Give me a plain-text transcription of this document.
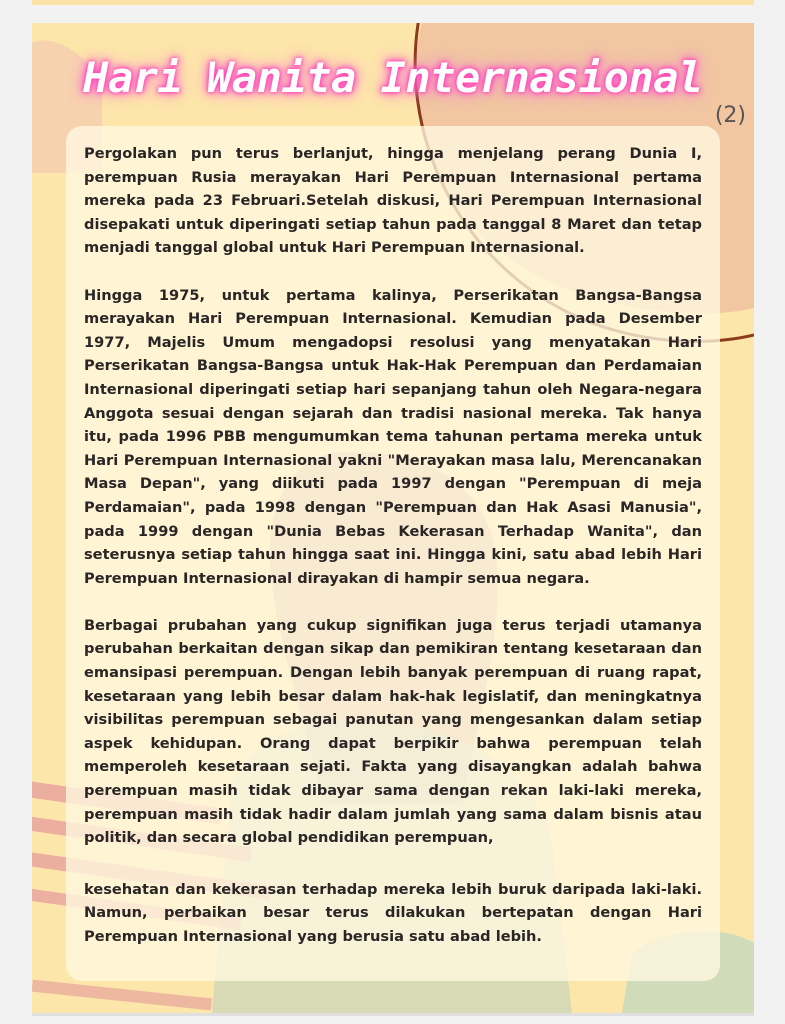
Hari Wanita Internasional
(2)

Pergolakan pun terus berlanjut, hingga menjelang perang Dunia I, perempuan Rusia merayakan Hari Perempuan Internasional pertama mereka pada 23 Februari.Setelah diskusi, Hari Perempuan Internasional disepakati untuk diperingati setiap tahun pada tanggal 8 Maret dan tetap menjadi tanggal global untuk Hari Perempuan Internasional.

Hingga 1975, untuk pertama kalinya, Perserikatan Bangsa-Bangsa merayakan Hari Perempuan Internasional. Kemudian pada Desember 1977, Majelis Umum mengadopsi resolusi yang menyatakan Hari Perserikatan Bangsa-Bangsa untuk Hak-Hak Perempuan dan Perdamaian Internasional diperingati setiap hari sepanjang tahun oleh Negara-negara Anggota sesuai dengan sejarah dan tradisi nasional mereka. Tak hanya itu, pada 1996 PBB mengumumkan tema tahunan pertama mereka untuk Hari Perempuan Internasional yakni "Merayakan masa lalu, Merencanakan Masa Depan", yang diikuti pada 1997 dengan "Perempuan di meja Perdamaian", pada 1998 dengan "Perempuan dan Hak Asasi Manusia", pada 1999 dengan "Dunia Bebas Kekerasan Terhadap Wanita", dan seterusnya setiap tahun hingga saat ini. Hingga kini, satu abad lebih Hari Perempuan Internasional dirayakan di hampir semua negara.

Berbagai prubahan yang cukup signifikan juga terus terjadi utamanya perubahan berkaitan dengan sikap dan pemikiran tentang kesetaraan dan emansipasi perempuan. Dengan lebih banyak perempuan di ruang rapat, kesetaraan yang lebih besar dalam hak-hak legislatif, dan meningkatnya visibilitas perempuan sebagai panutan yang mengesankan dalam setiap aspek kehidupan. Orang dapat berpikir bahwa perempuan telah memperoleh kesetaraan sejati. Fakta yang disayangkan adalah bahwa perempuan masih tidak dibayar sama dengan rekan laki-laki mereka, perempuan masih tidak hadir dalam jumlah yang sama dalam bisnis atau politik, dan secara global pendidikan perempuan,

kesehatan dan kekerasan terhadap mereka lebih buruk daripada laki-laki. Namun, perbaikan besar terus dilakukan bertepatan dengan Hari Perempuan Internasional yang berusia satu abad lebih.
